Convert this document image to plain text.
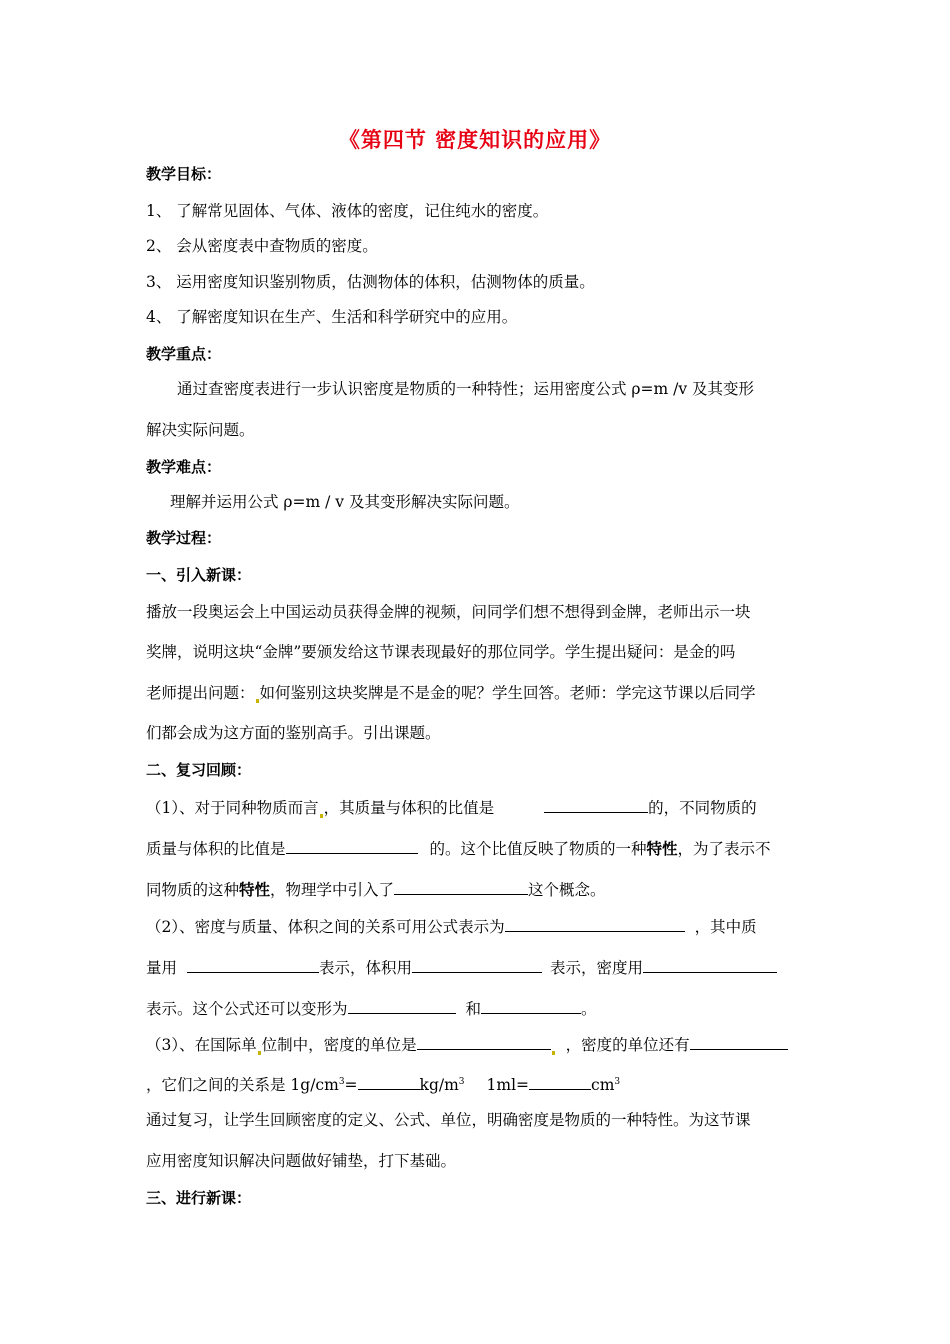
《第四节 密度知识的应用》
教学目标：
1、 了解常见固体、气体、液体的密度，记住纯水的密度。
2、 会从密度表中查物质的密度。
3、 运用密度知识鉴别物质，估测物体的体积，估测物体的质量。
4、 了解密度知识在生产、生活和科学研究中的应用。
教学重点：
通过查密度表进行一步认识密度是物质的一种特性；运用密度公式 ρ=m /v 及其变形
解决实际问题。
教学难点：
理解并运用公式 ρ=m / v 及其变形解决实际问题。
教学过程：
一、引入新课：
播放一段奥运会上中国运动员获得金牌的视频，问同学们想不想得到金牌，老师出示一块
奖牌，说明这块“金牌”要颁发给这节课表现最好的那位同学。学生提出疑问：是金的吗
老师提出问题： 如何鉴别这块奖牌是不是金的呢？学生回答。老师：学完这节课以后同学
们都会成为这方面的鉴别高手。引出课题。
二、复习回顾：
（1）、对于同种物质而言 ，其质量与体积的比值是	的，不同物质的
质量与体积的比值是	的。这个比值反映了物质的一种特性，为了表示不
同物质的这种特性，物理学中引入了	这个概念。
（2）、密度与质量、体积之间的关系可用公式表示为	，其中质
量用	表示，体积用	表示，密度用
表示。这个公式还可以变形为	和	。
（3）、在国际单 位制中，密度的单位是	，密度的单位还有
，它们之间的关系是 $1g/cm^3=$	$kg/m^3$ 1ml=	$cm^3$
通过复习，让学生回顾密度的定义、公式、单位，明确密度是物质的一种特性。为这节课
应用密度知识解决问题做好铺垫，打下基础。
三、进行新课：
